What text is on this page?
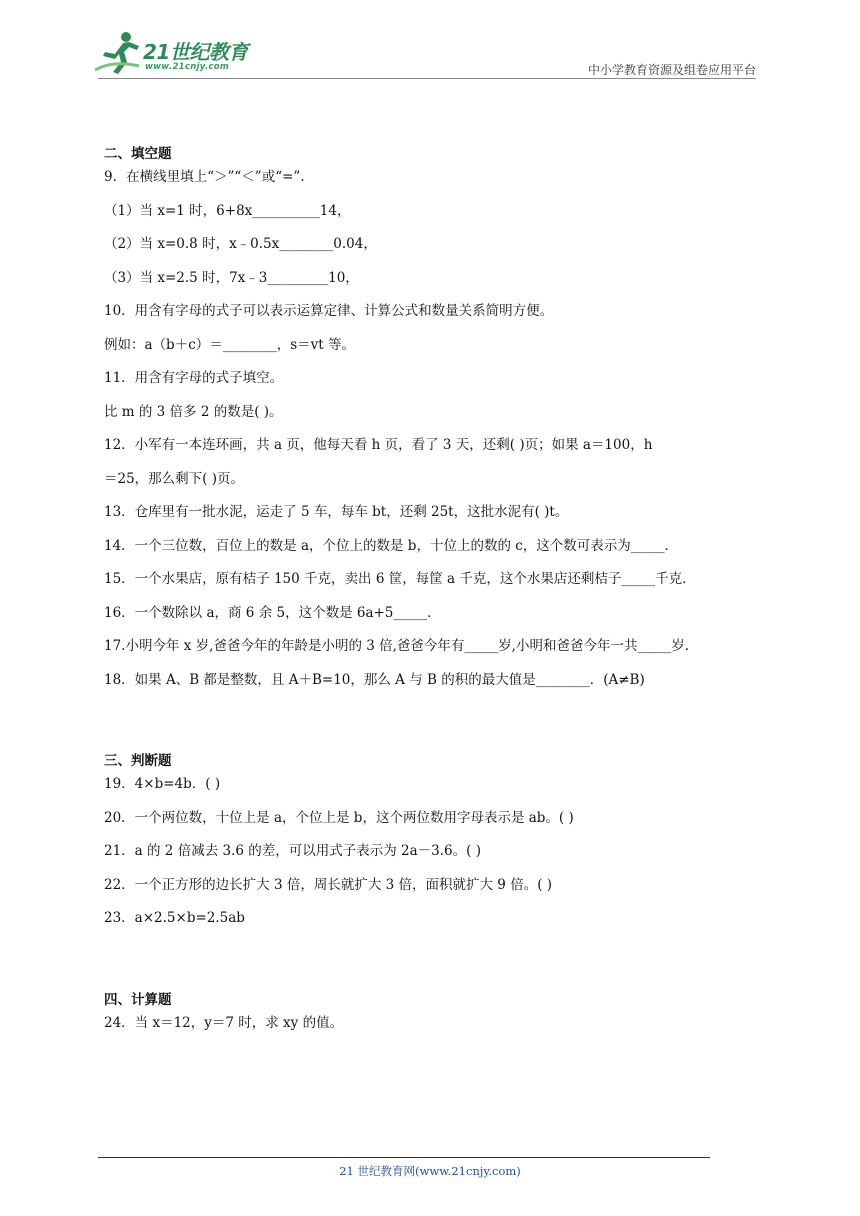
21世纪教育
www.21cnjy.com	中小学教育资源及组卷应用平台
二、填空题
9．在横线里填上“＞”“＜”或“=”.
（1）当 x=1 时，6+8x__________14，
（2）当 x=0.8 时，x﹣0.5x________0.04，
（3）当 x=2.5 时，7x﹣3_________10，
10．用含有字母的式子可以表示运算定律、计算公式和数量关系简明方便。
例如：a（b＋c）＝________，s＝vt 等。
11．用含有字母的式子填空。
比 m 的 3 倍多 2 的数是( )。
12．小军有一本连环画，共 a 页，他每天看 h 页，看了 3 天，还剩( )页；如果 a＝100，h
＝25，那么剩下( )页。
13．仓库里有一批水泥，运走了 5 车，每车 bt，还剩 25t，这批水泥有( )t。
14．一个三位数，百位上的数是 a，个位上的数是 b，十位上的数的 c，这个数可表示为_____．
15．一个水果店，原有桔子 150 千克，卖出 6 筐，每筐 a 千克，这个水果店还剩桔子_____千克．
16．一个数除以 a，商 6 余 5，这个数是 6a+5_____．
17.小明今年 x 岁,爸爸今年的年龄是小明的 3 倍,爸爸今年有_____岁,小明和爸爸今年一共_____岁.
18．如果 A、B 都是整数，且 A＋B=10，那么 A 与 B 的积的最大值是________．(A≠B)
三、判断题
19．4×b=4b．( )
20．一个两位数，十位上是 a，个位上是 b，这个两位数用字母表示是 ab。( )
21．a 的 2 倍减去 3.6 的差，可以用式子表示为 2a－3.6。( )
22．一个正方形的边长扩大 3 倍，周长就扩大 3 倍，面积就扩大 9 倍。( )
23．a×2.5×b=2.5ab
四、计算题
24．当 x＝12，y＝7 时，求 xy 的值。
21 世纪教育网(www.21cnjy.com)
